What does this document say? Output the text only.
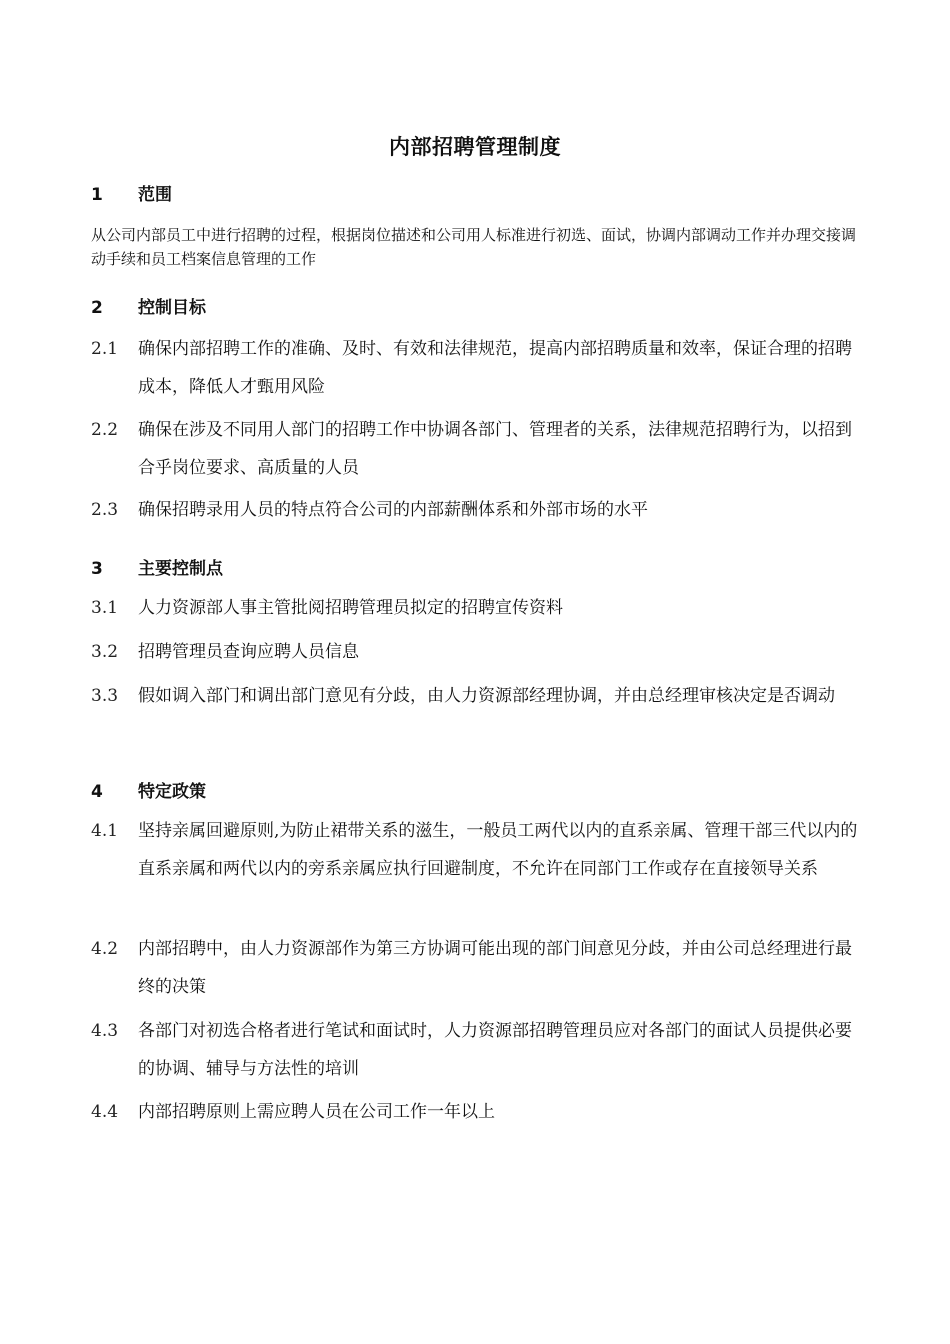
内部招聘管理制度
1 范围
从公司内部员工中进行招聘的过程，根据岗位描述和公司用人标准进行初选、面试，协调内部调动工作并办理交接调动手续和员工档案信息管理的工作
2 控制目标
2.1	确保内部招聘工作的准确、及时、有效和法律规范，提高内部招聘质量和效率，保证合理的招聘成本，降低人才甄用风险
2.2	确保在涉及不同用人部门的招聘工作中协调各部门、管理者的关系，法律规范招聘行为，以招到合乎岗位要求、高质量的人员
2.3	确保招聘录用人员的特点符合公司的内部薪酬体系和外部市场的水平
3 主要控制点
3.1	人力资源部人事主管批阅招聘管理员拟定的招聘宣传资料
3.2	招聘管理员查询应聘人员信息
3.3	假如调入部门和调出部门意见有分歧，由人力资源部经理协调，并由总经理审核决定是否调动
4 特定政策
4.1	坚持亲属回避原则,为防止裙带关系的滋生，一般员工两代以内的直系亲属、管理干部三代以内的直系亲属和两代以内的旁系亲属应执行回避制度，不允许在同部门工作或存在直接领导关系
4.2	内部招聘中，由人力资源部作为第三方协调可能出现的部门间意见分歧，并由公司总经理进行最终的决策
4.3	各部门对初选合格者进行笔试和面试时，人力资源部招聘管理员应对各部门的面试人员提供必要的协调、辅导与方法性的培训
4.4	内部招聘原则上需应聘人员在公司工作一年以上
